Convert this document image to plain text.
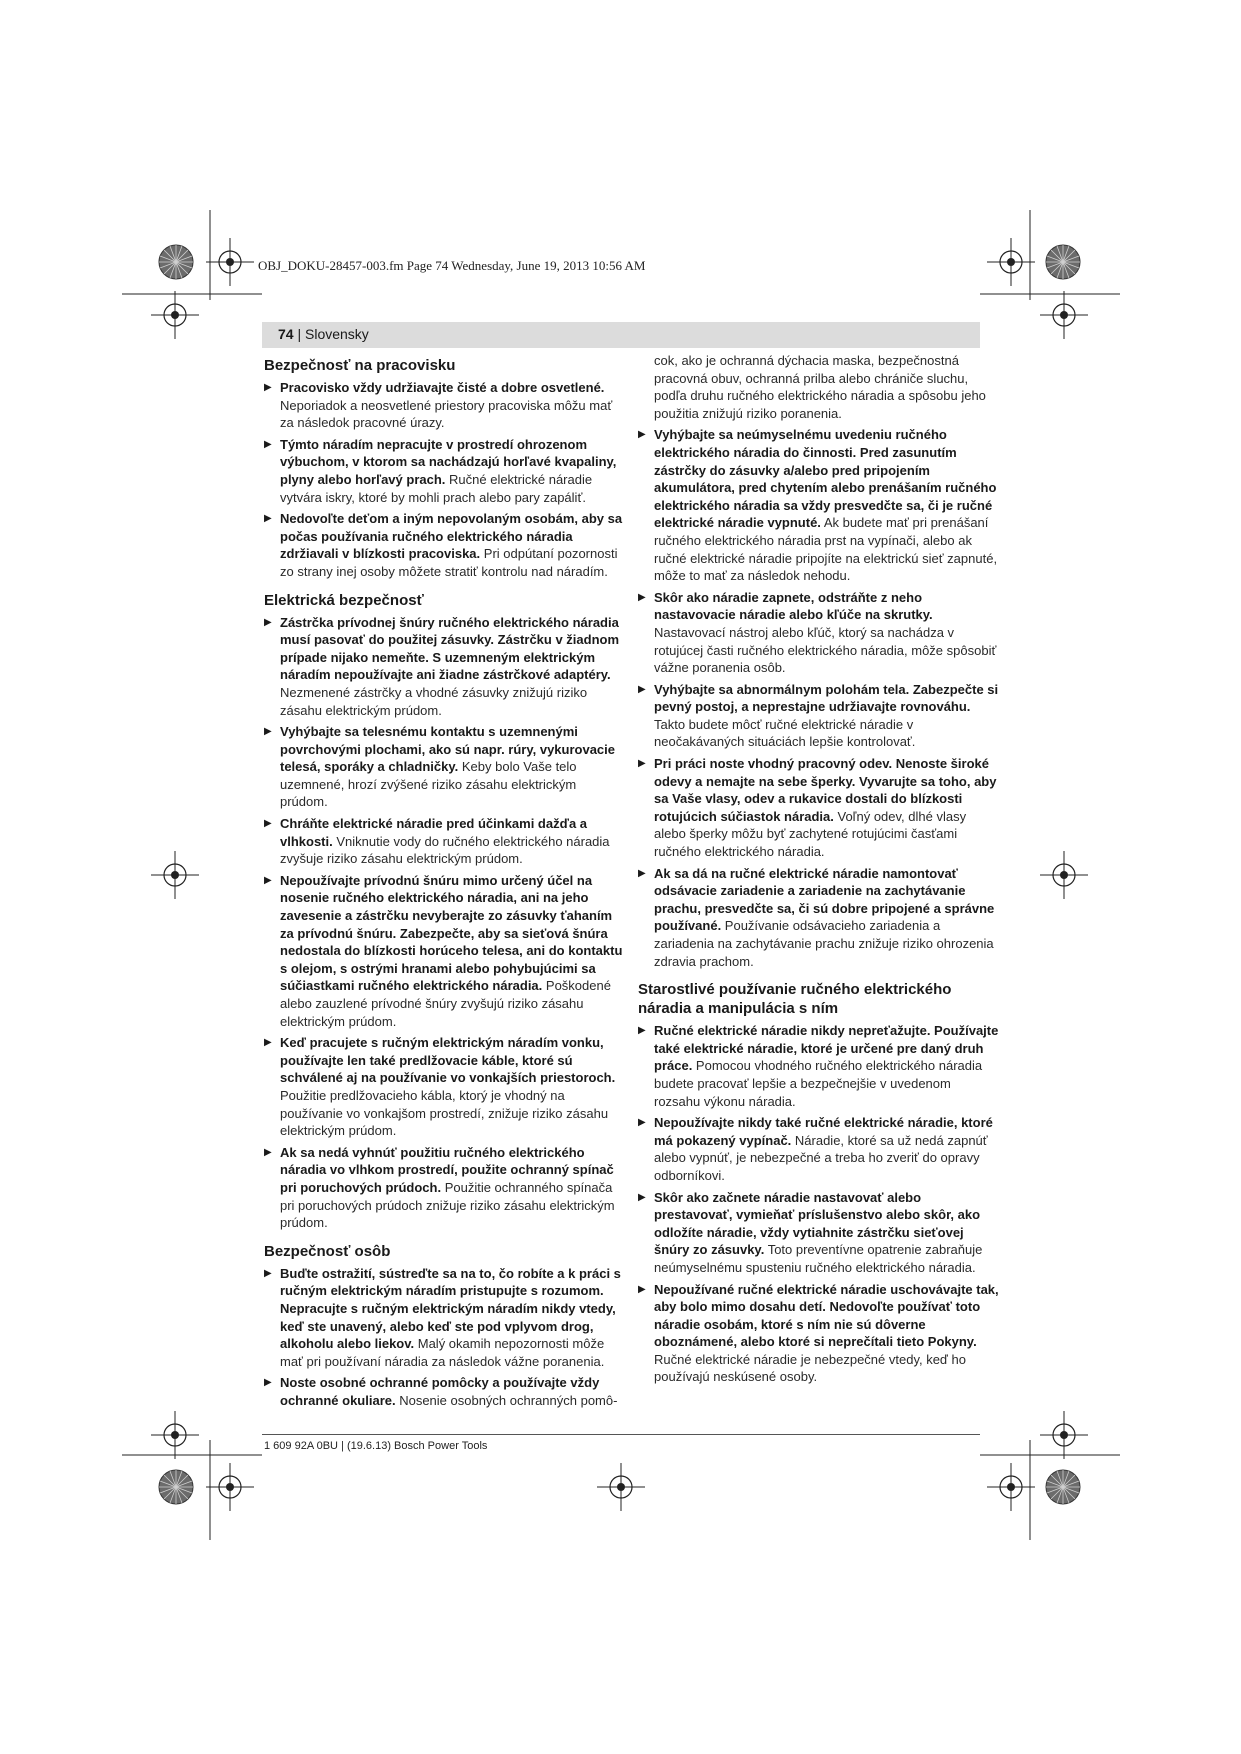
OBJ_DOKU-28457-003.fm Page 74 Wednesday, June 19, 2013 10:56 AM
74 | Slovensky
Bezpečnosť na pracovisku
▶ Pracovisko vždy udržiavajte čisté a dobre osvetlené. Neporiadok a neosvetlené priestory pracoviska môžu mať za následok pracovné úrazy.
▶ Týmto náradím nepracujte v prostredí ohrozenom výbuchom, v ktorom sa nachádzajú horľavé kvapaliny, plyny alebo horľavý prach. Ručné elektrické náradie vytvára iskry, ktoré by mohli prach alebo pary zapáliť.
▶ Nedovoľte deťom a iným nepovolaným osobám, aby sa počas používania ručného elektrického náradia zdržiavali v blízkosti pracoviska. Pri odpútaní pozornosti zo strany inej osoby môžete stratiť kontrolu nad náradím.
Elektrická bezpečnosť
▶ Zástrčka prívodnej šnúry ručného elektrického náradia musí pasovať do použitej zásuvky. Zástrčku v žiadnom prípade nijako nemeňte. S uzemneným elektrickým náradím nepoužívajte ani žiadne zástrčkové adaptéry. Nezmenené zástrčky a vhodné zásuvky znižujú riziko zásahu elektrickým prúdom.
▶ Vyhýbajte sa telesnému kontaktu s uzemnenými povrchovými plochami, ako sú napr. rúry, vykurovacie telesá, sporáky a chladničky. Keby bolo Vaše telo uzemnené, hrozí zvýšené riziko zásahu elektrickým prúdom.
▶ Chráňte elektrické náradie pred účinkami dažďa a vlhkosti. Vniknutie vody do ručného elektrického náradia zvyšuje riziko zásahu elektrickým prúdom.
▶ Nepoužívajte prívodnú šnúru mimo určený účel na nosenie ručného elektrického náradia, ani na jeho zavesenie a zástrčku nevyberajte zo zásuvky ťahaním za prívodnú šnúru. Zabezpečte, aby sa sieťová šnúra nedostala do blízkosti horúceho telesa, ani do kontaktu s olejom, s ostrými hranami alebo pohybujúcimi sa súčiastkami ručného elektrického náradia. Poškodené alebo zauzlené prívodné šnúry zvyšujú riziko zásahu elektrickým prúdom.
▶ Keď pracujete s ručným elektrickým náradím vonku, používajte len také predlžovacie káble, ktoré sú schválené aj na používanie vo vonkajších priestoroch. Použitie predlžovacieho kábla, ktorý je vhodný na používanie vo vonkajšom prostredí, znižuje riziko zásahu elektrickým prúdom.
▶ Ak sa nedá vyhnúť použitiu ručného elektrického náradia vo vlhkom prostredí, použite ochranný spínač pri poruchových prúdoch. Použitie ochranného spínača pri poruchových prúdoch znižuje riziko zásahu elektrickým prúdom.
Bezpečnosť osôb
▶ Buďte ostražití, sústreďte sa na to, čo robíte a k práci s ručným elektrickým náradím pristupujte s rozumom. Nepracujte s ručným elektrickým náradím nikdy vtedy, keď ste unavený, alebo keď ste pod vplyvom drog, alkoholu alebo liekov. Malý okamih nepozornosti môže mať pri používaní náradia za následok vážne poranenia.
▶ Noste osobné ochranné pomôcky a používajte vždy ochranné okuliare. Nosenie osobných ochranných pomô-
cok, ako je ochranná dýchacia maska, bezpečnostná pracovná obuv, ochranná prilba alebo chrániče sluchu, podľa druhu ručného elektrického náradia a spôsobu jeho použitia znižujú riziko poranenia.
▶ Vyhýbajte sa neúmyselnému uvedeniu ručného elektrického náradia do činnosti. Pred zasunutím zástrčky do zásuvky a/alebo pred pripojením akumulátora, pred chytením alebo prenášaním ručného elektrického náradia sa vždy presvedčte sa, či je ručné elektrické náradie vypnuté. Ak budete mať pri prenášaní ručného elektrického náradia prst na vypínači, alebo ak ručné elektrické náradie pripojíte na elektrickú sieť zapnuté, môže to mať za následok nehodu.
▶ Skôr ako náradie zapnete, odstráňte z neho nastavovacie náradie alebo kľúče na skrutky. Nastavovací nástroj alebo kľúč, ktorý sa nachádza v rotujúcej časti ručného elektrického náradia, môže spôsobiť vážne poranenia osôb.
▶ Vyhýbajte sa abnormálnym polohám tela. Zabezpečte si pevný postoj, a neprestajne udržiavajte rovnováhu. Takto budete môcť ručné elektrické náradie v neočakávaných situáciách lepšie kontrolovať.
▶ Pri práci noste vhodný pracovný odev. Nenoste široké odevy a nemajte na sebe šperky. Vyvarujte sa toho, aby sa Vaše vlasy, odev a rukavice dostali do blízkosti rotujúcich súčiastok náradia. Voľný odev, dlhé vlasy alebo šperky môžu byť zachytené rotujúcimi časťami ručného elektrického náradia.
▶ Ak sa dá na ručné elektrické náradie namontovať odsávacie zariadenie a zariadenie na zachytávanie prachu, presvedčte sa, či sú dobre pripojené a správne používané. Používanie odsávacieho zariadenia a zariadenia na zachytávanie prachu znižuje riziko ohrozenia zdravia prachom.
Starostlivé používanie ručného elektrického náradia a manipulácia s ním
▶ Ručné elektrické náradie nikdy nepreťažujte. Používajte také elektrické náradie, ktoré je určené pre daný druh práce. Pomocou vhodného ručného elektrického náradia budete pracovať lepšie a bezpečnejšie v uvedenom rozsahu výkonu náradia.
▶ Nepoužívajte nikdy také ručné elektrické náradie, ktoré má pokazený vypínač. Náradie, ktoré sa už nedá zapnúť alebo vypnúť, je nebezpečné a treba ho zveriť do opravy odborníkovi.
▶ Skôr ako začnete náradie nastavovať alebo prestavovať, vymieňať príslušenstvo alebo skôr, ako odložíte náradie, vždy vytiahnite zástrčku sieťovej šnúry zo zásuvky. Toto preventívne opatrenie zabraňuje neúmyselnému spusteniu ručného elektrického náradia.
▶ Nepoužívané ručné elektrické náradie uschovávajte tak, aby bolo mimo dosahu detí. Nedovoľte používať toto náradie osobám, ktoré s ním nie sú dôverne oboznámené, alebo ktoré si neprečítali tieto Pokyny. Ručné elektrické náradie je nebezpečné vtedy, keď ho používajú neskúsené osoby.
1 609 92A 0BU | (19.6.13) Bosch Power Tools
